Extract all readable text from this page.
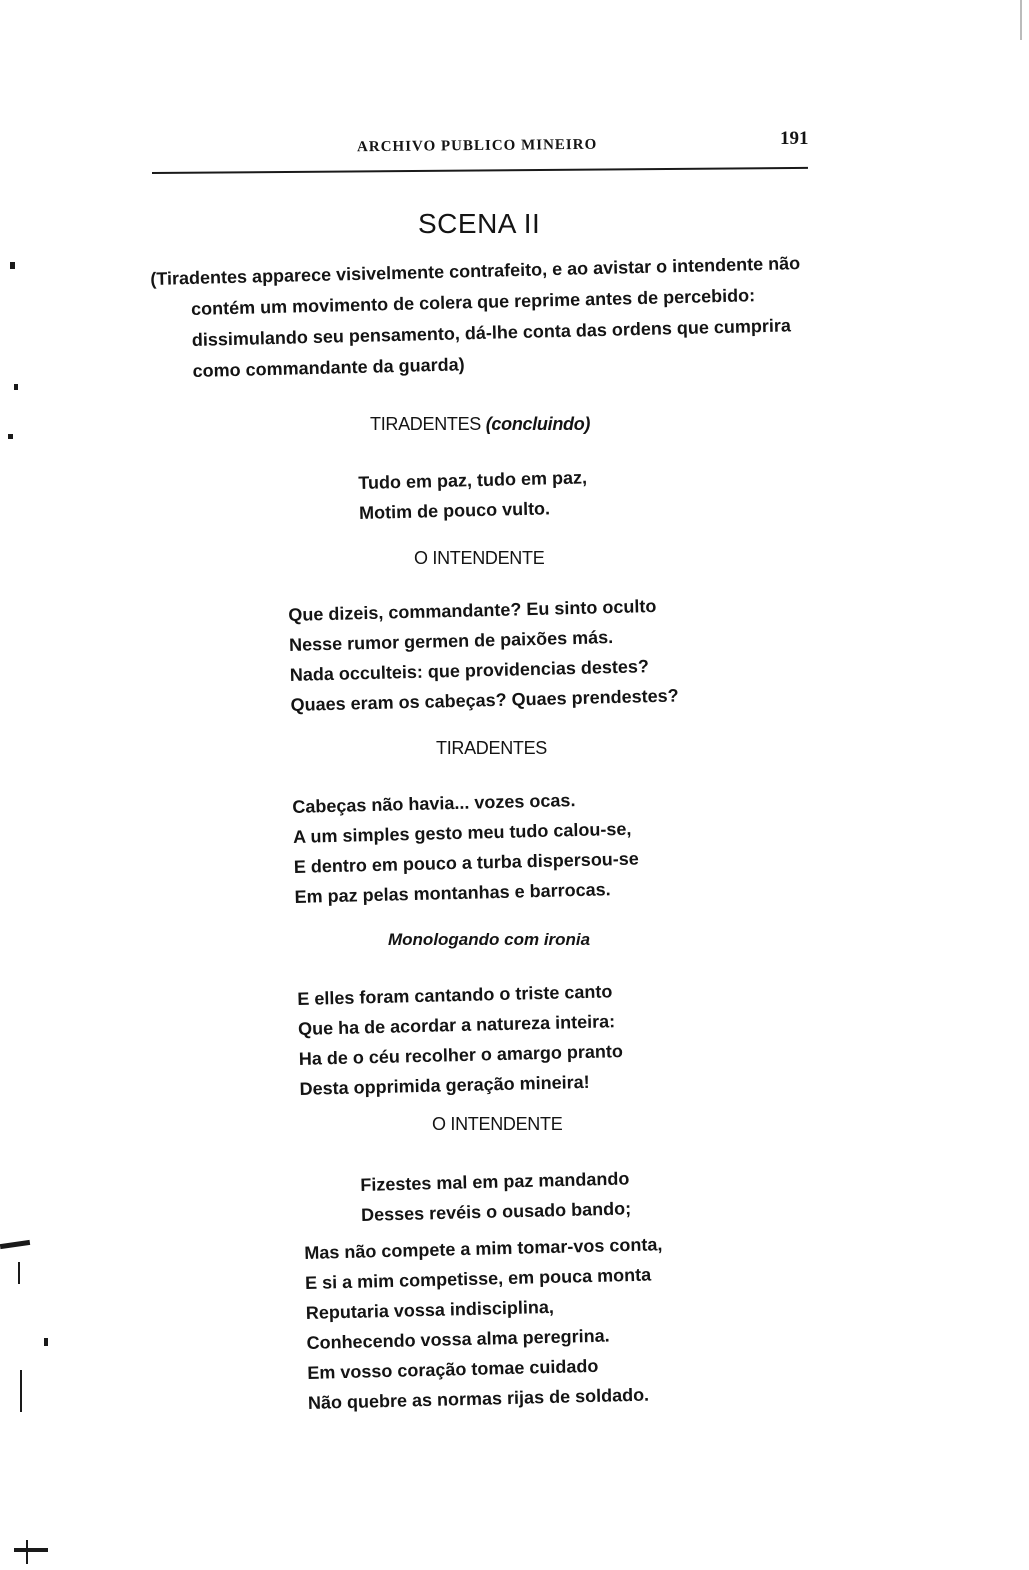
ARCHIVO PUBLICO MINEIRO	191
SCENA II
(Tiradentes apparece visivelmente contrafeito, e ao avistar o intendente não
contém um movimento de colera que reprime antes de percebido:
dissimulando seu pensamento, dá-lhe conta das ordens que cumprira
como commandante da guarda)
TIRADENTES (concluindo)
Tudo em paz, tudo em paz,
Motim de pouco vulto.
O INTENDENTE
Que dizeis, commandante? Eu sinto oculto
Nesse rumor germen de paixões más.
Nada occulteis: que providencias destes?
Quaes eram os cabeças? Quaes prendestes?
TIRADENTES
Cabeças não havia... vozes ocas.
A um simples gesto meu tudo calou-se,
E dentro em pouco a turba dispersou-se
Em paz pelas montanhas e barrocas.
Monologando com ironia
E elles foram cantando o triste canto
Que ha de acordar a natureza inteira:
Ha de o céu recolher o amargo pranto
Desta opprimida geração mineira!
O INTENDENTE
Fizestes mal em paz mandando
Desses revéis o ousado bando;
Mas não compete a mim tomar-vos conta,
E si a mim competisse, em pouca monta
Reputaria vossa indisciplina,
Conhecendo vossa alma peregrina.
Em vosso coração tomae cuidado
Não quebre as normas rijas de soldado.
